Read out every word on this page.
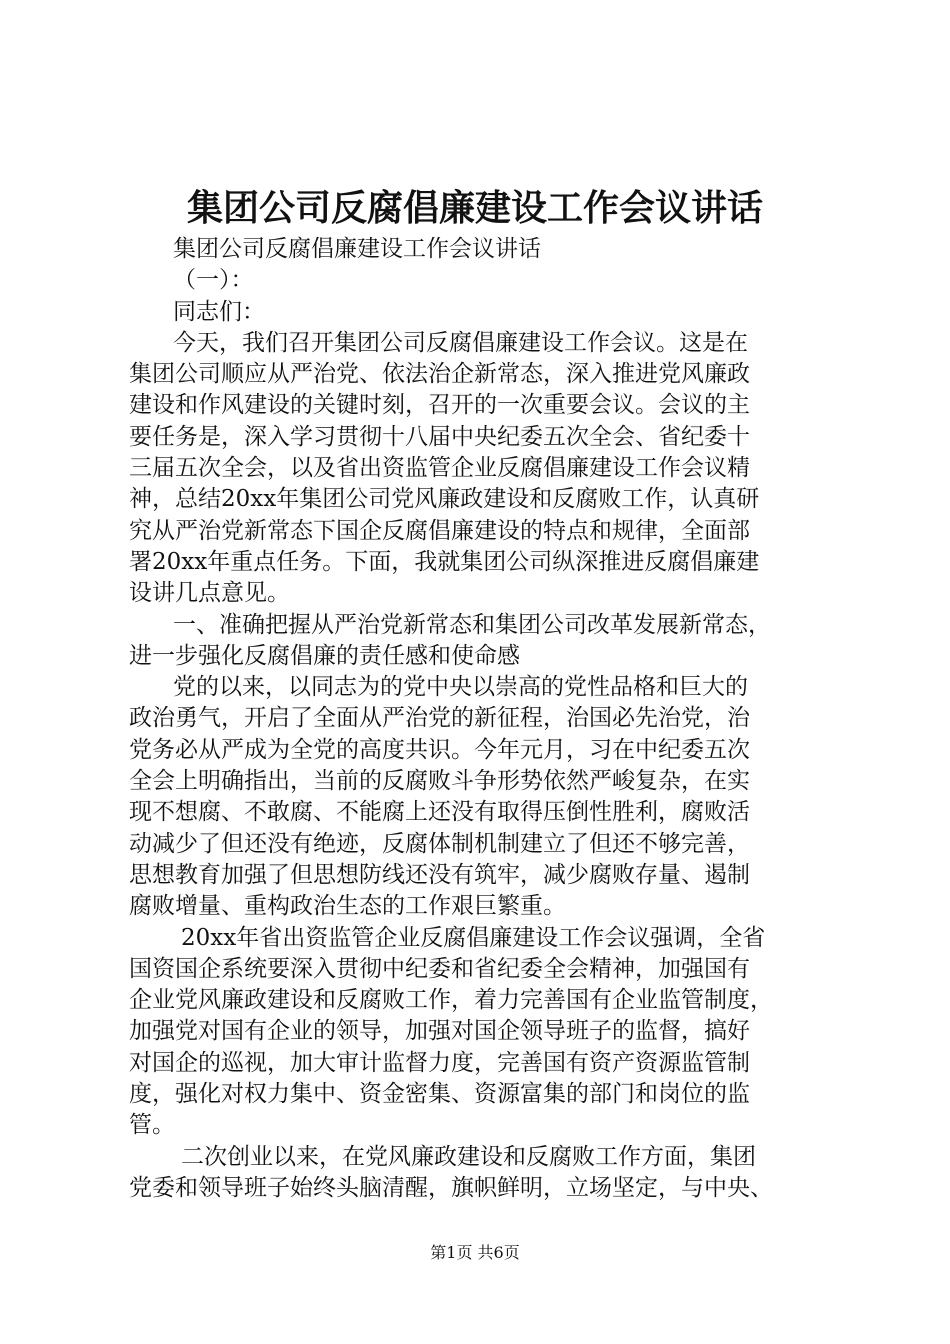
集团公司反腐倡廉建设工作会议讲话
集团公司反腐倡廉建设工作会议讲话
（一）：
同志们：
今天，我们召开集团公司反腐倡廉建设工作会议。这是在
集团公司顺应从严治党、依法治企新常态，深入推进党风廉政
建设和作风建设的关键时刻，召开的一次重要会议。会议的主
要任务是，深入学习贯彻十八届中央纪委五次全会、省纪委十
三届五次全会，以及省出资监管企业反腐倡廉建设工作会议精
神，总结20xx年集团公司党风廉政建设和反腐败工作，认真研
究从严治党新常态下国企反腐倡廉建设的特点和规律，全面部
署20xx年重点任务。下面，我就集团公司纵深推进反腐倡廉建
设讲几点意见。
一、准确把握从严治党新常态和集团公司改革发展新常态，
进一步强化反腐倡廉的责任感和使命感
党的以来，以同志为的党中央以崇高的党性品格和巨大的
政治勇气，开启了全面从严治党的新征程，治国必先治党，治
党务必从严成为全党的高度共识。今年元月，习在中纪委五次
全会上明确指出，当前的反腐败斗争形势依然严峻复杂，在实
现不想腐、不敢腐、不能腐上还没有取得压倒性胜利，腐败活
动减少了但还没有绝迹，反腐体制机制建立了但还不够完善，
思想教育加强了但思想防线还没有筑牢，减少腐败存量、遏制
腐败增量、重构政治生态的工作艰巨繁重。
20xx年省出资监管企业反腐倡廉建设工作会议强调，全省
国资国企系统要深入贯彻中纪委和省纪委全会精神，加强国有
企业党风廉政建设和反腐败工作，着力完善国有企业监管制度，
加强党对国有企业的领导，加强对国企领导班子的监督，搞好
对国企的巡视，加大审计监督力度，完善国有资产资源监管制
度，强化对权力集中、资金密集、资源富集的部门和岗位的监
管。
二次创业以来，在党风廉政建设和反腐败工作方面，集团
党委和领导班子始终头脑清醒，旗帜鲜明，立场坚定，与中央、
第1页 共6页
